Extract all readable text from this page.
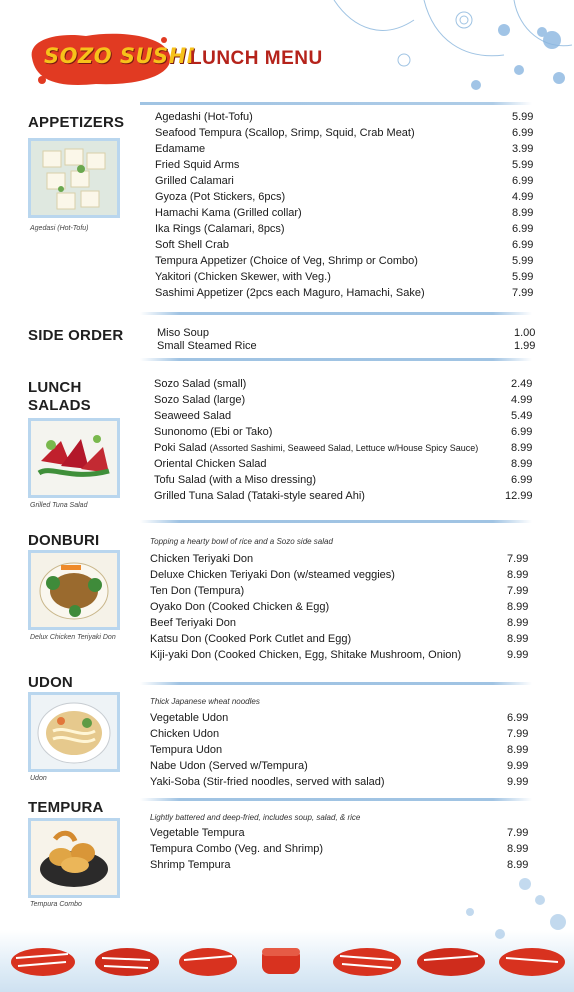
SOZO SUSHI
LUNCH MENU
APPETIZERS
Agedasi (Hot-Tofu)
Agedashi (Hot-Tofu)
Seafood Tempura (Scallop, Srimp, Squid, Crab Meat)
Edamame
Fried Squid Arms
Grilled Calamari
Gyoza (Pot Stickers, 6pcs)
Hamachi Kama (Grilled collar)
Ika Rings (Calamari, 8pcs)
Soft Shell Crab
Tempura Appetizer (Choice of Veg, Shrimp or Combo)
Yakitori (Chicken Skewer, with Veg.)
Sashimi Appetizer (2pcs each Maguro, Hamachi, Sake)
5.99
6.99
3.99
5.99
6.99
4.99
8.99
6.99
6.99
5.99
5.99
7.99
SIDE ORDER	Miso Soup
Small Steamed Rice
1.00
1.99
LUNCH
SALADS
Grilled Tuna Salad
Sozo Salad (small)
Sozo Salad (large)
Seaweed Salad
Sunonomo (Ebi or Tako)
Poki Salad (Assorted Sashimi, Seaweed Salad, Lettuce w/House Spicy Sauce)
Oriental Chicken Salad
Tofu Salad (with a Miso dressing)
Grilled Tuna Salad (Tataki-style seared Ahi)
2.49
4.99
5.49
6.99
8.99
8.99
6.99
12.99
DONBURI	Topping a hearty bowl of rice and a Sozo side salad
Delux Chicken Teriyaki Don
Chicken Teriyaki Don
Deluxe Chicken Teriyaki Don (w/steamed veggies)
Ten Don (Tempura)
Oyako Don (Cooked Chicken & Egg)
Beef Teriyaki Don
Katsu Don (Cooked Pork Cutlet and Egg)
Kiji-yaki Don (Cooked Chicken, Egg, Shitake Mushroom, Onion)
7.99
8.99
7.99
8.99
8.99
8.99
9.99
UDON
Thick Japanese wheat noodles
Udon
Vegetable Udon
Chicken Udon
Tempura Udon
Nabe Udon (Served w/Tempura)
Yaki-Soba (Stir-fried noodles, served with salad)
6.99
7.99
8.99
9.99
9.99
TEMPURA
Lightly battered and deep-fried, includes soup, salad, & rice
Tempura Combo
Vegetable Tempura
Tempura Combo (Veg. and Shrimp)
Shrimp Tempura
7.99
8.99
8.99
